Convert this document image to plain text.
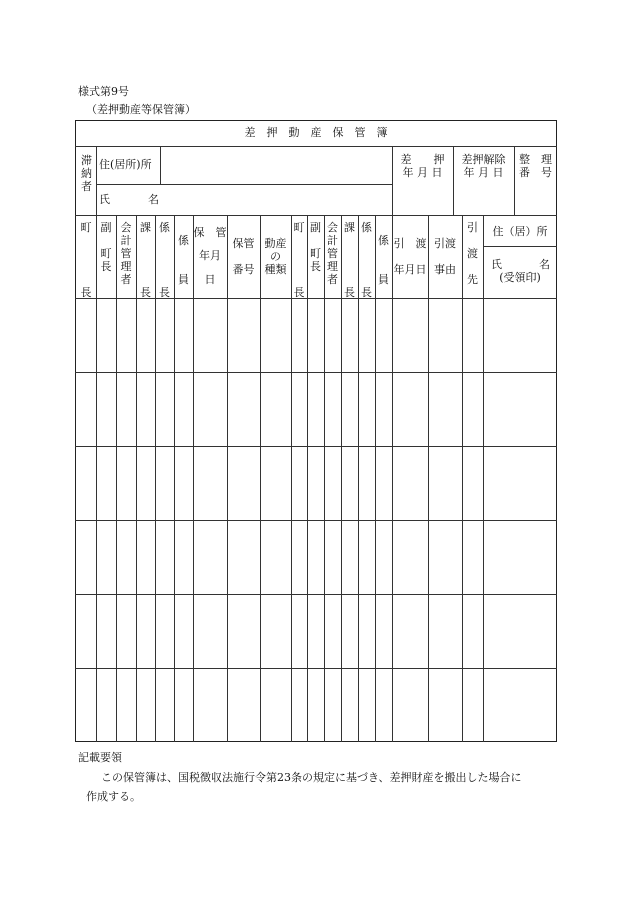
様式第9号
（差押動産等保管簿）
差　押　動　産　保　管　簿
滞
納
者
住(居所)所
氏	名
差　　押
年 月 日
差押解除
年 月 日
整　理
番　号
町

長
副

町
長
会
計
管
理
者
課

長
係

長
係

員
保　管
年月
日
保管

番号
動産
の
種類
町

長
副

町
長
会
計
管
理
者
課

長
係

長
係

員
引　渡
年月日
引渡
事由
引

渡

先
住（居）所
氏	名
(受領印)
記載要領
この保管簿は、国税徴収法施行令第23条の規定に基づき、差押財産を搬出した場合に
作成する。
